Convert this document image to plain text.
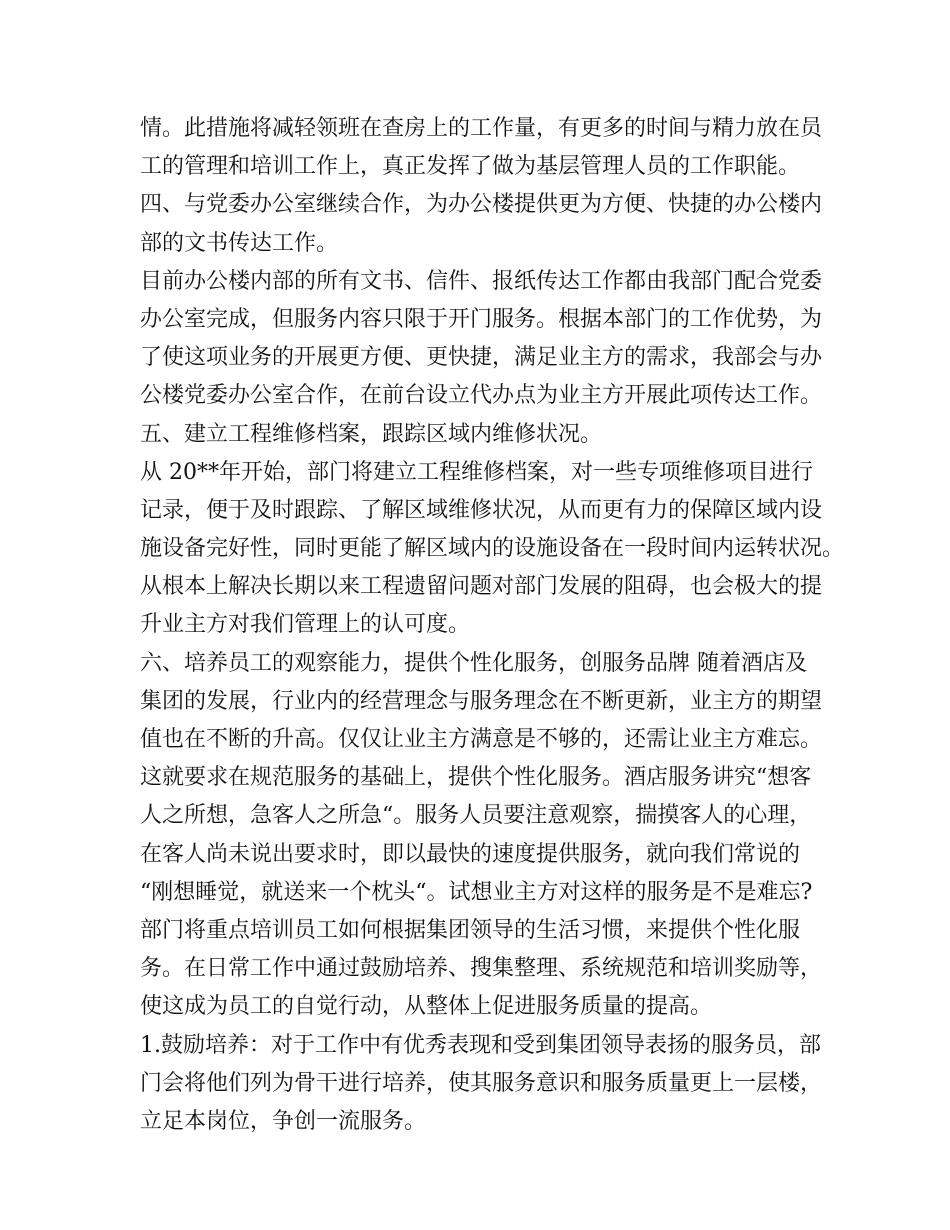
情。此措施将减轻领班在查房上的工作量，有更多的时间与精力放在员
工的管理和培训工作上，真正发挥了做为基层管理人员的工作职能。
四、与党委办公室继续合作，为办公楼提供更为方便、快捷的办公楼内
部的文书传达工作。
目前办公楼内部的所有文书、信件、报纸传达工作都由我部门配合党委
办公室完成，但服务内容只限于开门服务。根据本部门的工作优势，为
了使这项业务的开展更方便、更快捷，满足业主方的需求，我部会与办
公楼党委办公室合作，在前台设立代办点为业主方开展此项传达工作。
五、建立工程维修档案，跟踪区域内维修状况。
从 20**年开始，部门将建立工程维修档案，对一些专项维修项目进行
记录，便于及时跟踪、了解区域维修状况，从而更有力的保障区域内设
施设备完好性，同时更能了解区域内的设施设备在一段时间内运转状况。
从根本上解决长期以来工程遗留问题对部门发展的阻碍，也会极大的提
升业主方对我们管理上的认可度。
六、培养员工的观察能力，提供个性化服务，创服务品牌 随着酒店及
集团的发展，行业内的经营理念与服务理念在不断更新，业主方的期望
值也在不断的升高。仅仅让业主方满意是不够的，还需让业主方难忘。
这就要求在规范服务的基础上，提供个性化服务。酒店服务讲究“想客
人之所想，急客人之所急“。服务人员要注意观察，揣摸客人的心理，
在客人尚未说出要求时，即以最快的速度提供服务，就向我们常说的
“刚想睡觉，就送来一个枕头“。试想业主方对这样的服务是不是难忘?
部门将重点培训员工如何根据集团领导的生活习惯，来提供个性化服
务。在日常工作中通过鼓励培养、搜集整理、系统规范和培训奖励等，
使这成为员工的自觉行动，从整体上促进服务质量的提高。
1.鼓励培养：对于工作中有优秀表现和受到集团领导表扬的服务员，部
门会将他们列为骨干进行培养，使其服务意识和服务质量更上一层楼，
立足本岗位，争创一流服务。
